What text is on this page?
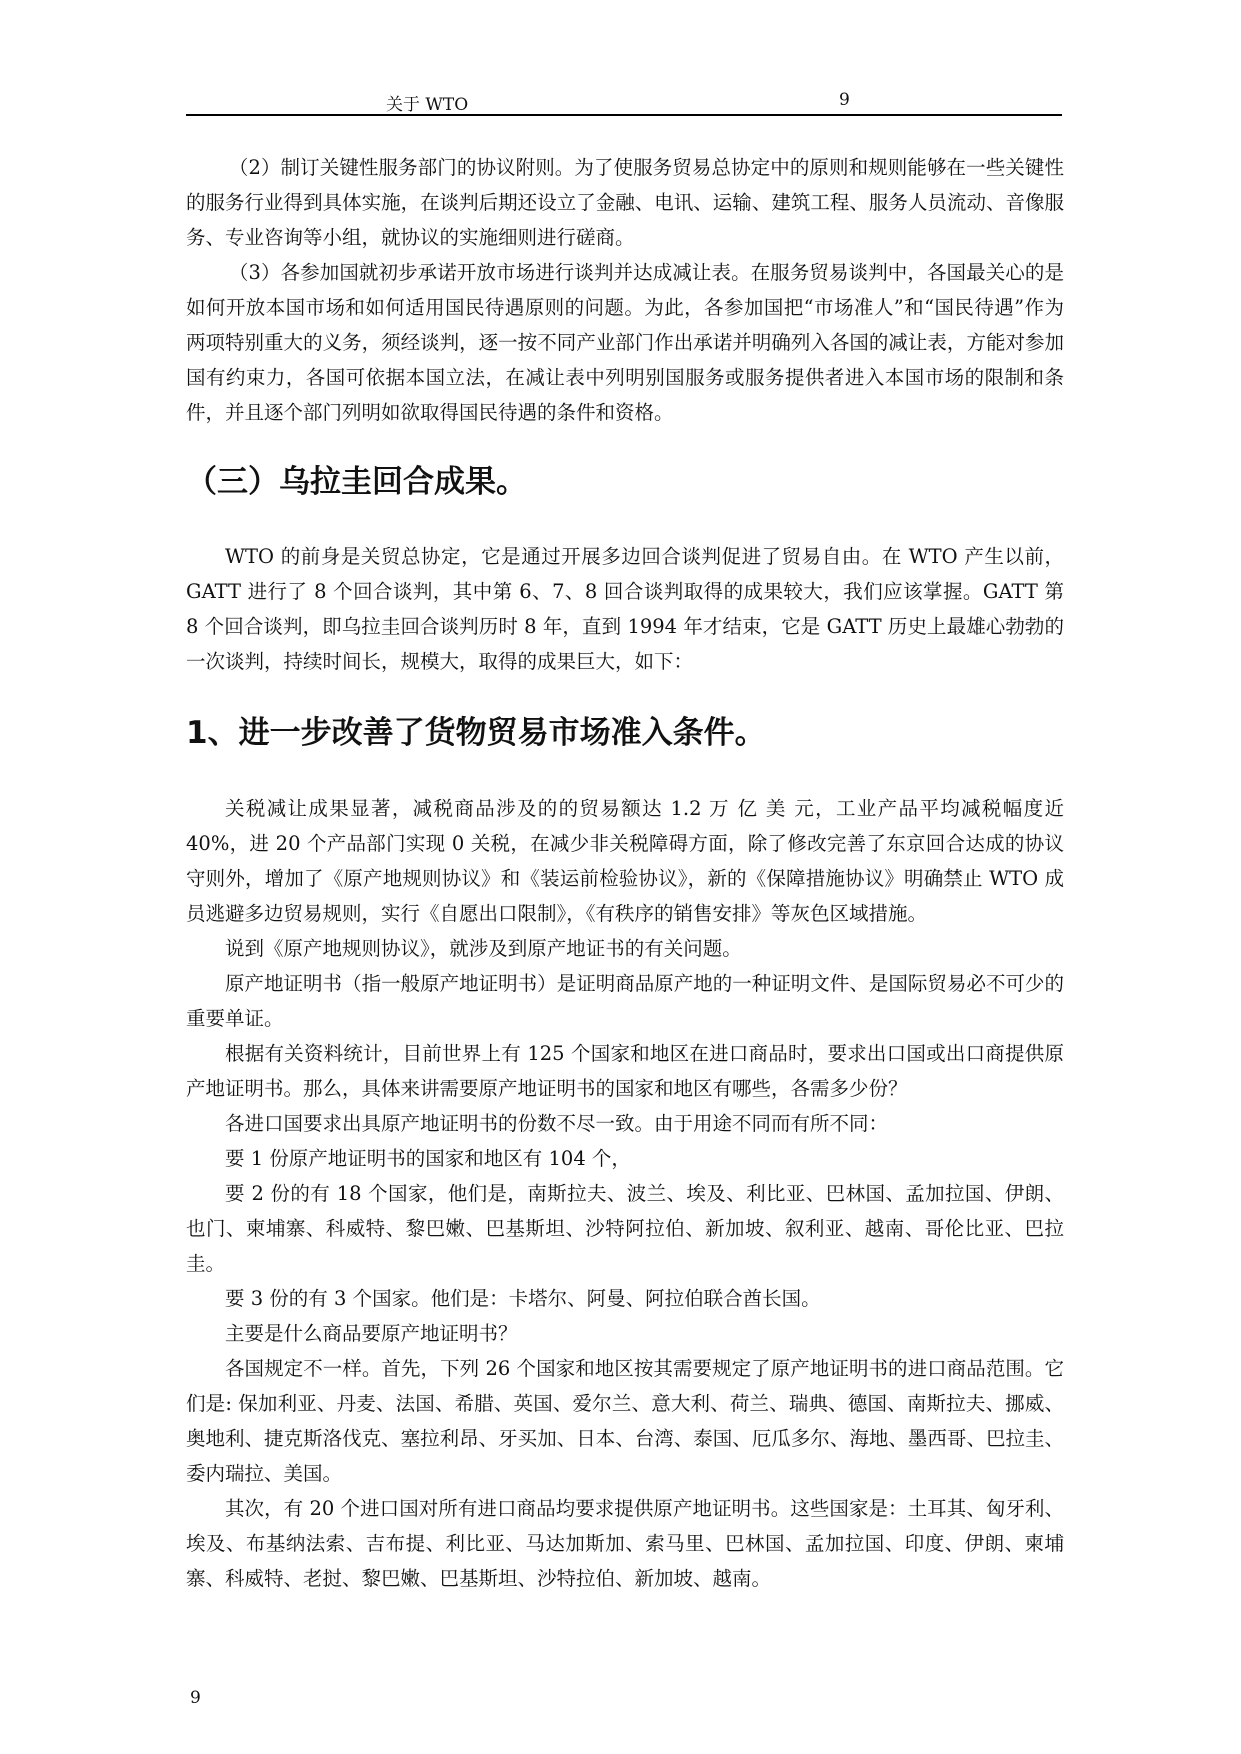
关于 WTO	9

（2）制订关键性服务部门的协议附则。为了使服务贸易总协定中的原则和规则能够在一些关键性的服务行业得到具体实施，在谈判后期还设立了金融、电讯、运输、建筑工程、服务人员流动、音像服务、专业咨询等小组，就协议的实施细则进行磋商。

（3）各参加国就初步承诺开放市场进行谈判并达成减让表。在服务贸易谈判中，各国最关心的是如何开放本国市场和如何适用国民待遇原则的问题。为此，各参加国把“市场准人”和“国民待遇”作为两项特别重大的义务，须经谈判，逐一按不同产业部门作出承诺并明确列入各国的减让表，方能对参加国有约束力，各国可依据本国立法，在减让表中列明别国服务或服务提供者进入本国市场的限制和条件，并且逐个部门列明如欲取得国民待遇的条件和资格。

（三）乌拉圭回合成果。

WTO 的前身是关贸总协定，它是通过开展多边回合谈判促进了贸易自由。在 WTO 产生以前，GATT 进行了 8 个回合谈判，其中第 6、7、8 回合谈判取得的成果较大，我们应该掌握。GATT 第 8 个回合谈判，即乌拉圭回合谈判历时 8 年，直到 1994 年才结束，它是 GATT 历史上最雄心勃勃的一次谈判，持续时间长，规模大，取得的成果巨大，如下：

1、进一步改善了货物贸易市场准入条件。

关税减让成果显著，减税商品涉及的的贸易额达 1.2 万 亿 美 元，工业产品平均减税幅度近 40%，进 20 个产品部门实现 0 关税，在减少非关税障碍方面，除了修改完善了东京回合达成的协议守则外，增加了《原产地规则协议》和《装运前检验协议》，新的《保障措施协议》明确禁止 WTO 成员逃避多边贸易规则，实行《自愿出口限制》，《有秩序的销售安排》等灰色区域措施。

说到《原产地规则协议》，就涉及到原产地证书的有关问题。

原产地证明书（指一般原产地证明书）是证明商品原产地的一种证明文件、是国际贸易必不可少的重要单证。

根据有关资料统计，目前世界上有 125 个国家和地区在进口商品时，要求出口国或出口商提供原产地证明书。那么，具体来讲需要原产地证明书的国家和地区有哪些，各需多少份？

各进口国要求出具原产地证明书的份数不尽一致。由于用途不同而有所不同：

要 1 份原产地证明书的国家和地区有 104 个，

要 2 份的有 18 个国家，他们是，南斯拉夫、波兰、埃及、利比亚、巴林国、孟加拉国、伊朗、也门、柬埔寨、科威特、黎巴嫩、巴基斯坦、沙特阿拉伯、新加坡、叙利亚、越南、哥伦比亚、巴拉圭。

要 3 份的有 3 个国家。他们是：卡塔尔、阿曼、阿拉伯联合酋长国。

主要是什么商品要原产地证明书？

各国规定不一样。首先，下列 26 个国家和地区按其需要规定了原产地证明书的进口商品范围。它们是: 保加利亚、丹麦、法国、希腊、英国、爱尔兰、意大利、荷兰、瑞典、德国、南斯拉夫、挪威、奥地利、捷克斯洛伐克、塞拉利昂、牙买加、日本、台湾、泰国、厄瓜多尔、海地、墨西哥、巴拉圭、委内瑞拉、美国。

其次，有 20 个进口国对所有进口商品均要求提供原产地证明书。这些国家是：土耳其、匈牙利、埃及、布基纳法索、吉布提、利比亚、马达加斯加、索马里、巴林国、孟加拉国、印度、伊朗、柬埔寨、科威特、老挝、黎巴嫩、巴基斯坦、沙特拉伯、新加坡、越南。

9
